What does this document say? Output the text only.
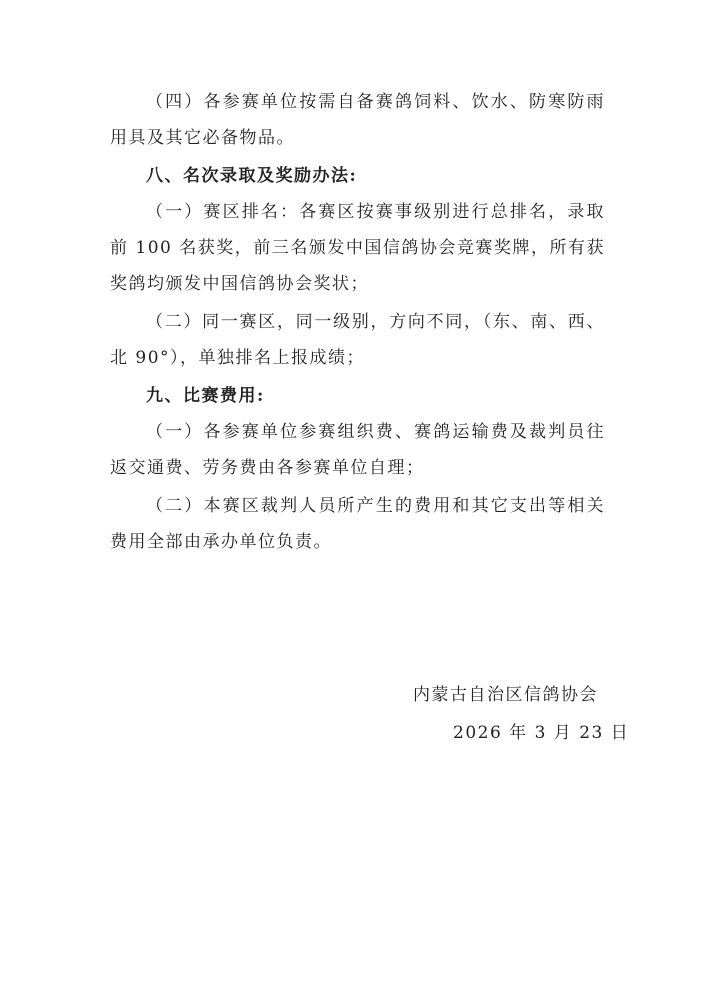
（四）各参赛单位按需自备赛鸽饲料、饮水、防寒防雨用具及其它必备物品。

八、名次录取及奖励办法:

（一）赛区排名：各赛区按赛事级别进行总排名，录取前 100 名获奖，前三名颁发中国信鸽协会竞赛奖牌，所有获奖鸽均颁发中国信鸽协会奖状；

（二）同一赛区，同一级别，方向不同，（东、南、西、北 90°），单独排名上报成绩；

九、比赛费用:

（一）各参赛单位参赛组织费、赛鸽运输费及裁判员往返交通费、劳务费由各参赛单位自理；

（二）本赛区裁判人员所产生的费用和其它支出等相关费用全部由承办单位负责。

内蒙古自治区信鸽协会
2026 年 3 月 23 日
